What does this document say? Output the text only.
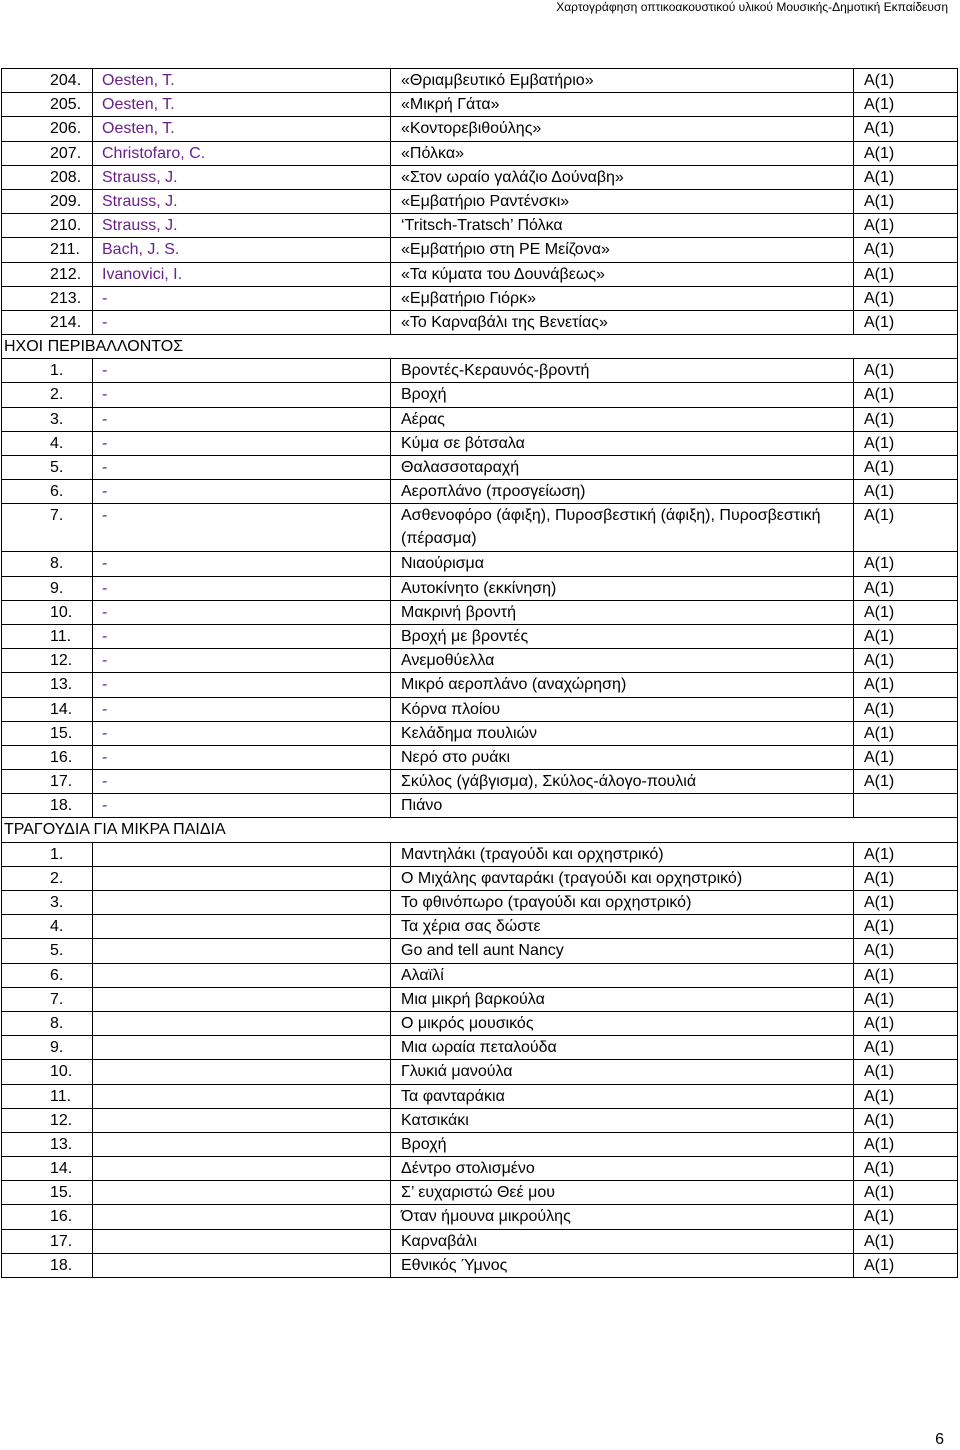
Χαρτογράφηση οπτικοακουστικού υλικού Μουσικής-Δημοτική Εκπαίδευση
204.	Oesten, T.	«Θριαμβευτικό Εμβατήριο»	A(1)
205.	Oesten, T.	«Μικρή Γάτα»	A(1)
206.	Oesten, T.	«Κοντορεβιθούλης»	A(1)
207.	Christofaro, C.	«Πόλκα»	A(1)
208.	Strauss, J.	«Στον ωραίο γαλάζιο Δούναβη»	A(1)
209.	Strauss, J.	«Εμβατήριο Ραντένσκι»	A(1)
210.	Strauss, J.	‘Tritsch-Tratsch’ Πόλκα	A(1)
211.	Bach, J. S.	«Εμβατήριο στη ΡΕ Μείζονα»	A(1)
212.	Ivanovici, I.	«Τα κύματα του Δουνάβεως»	A(1)
213.	-	«Εμβατήριο Γιόρκ»	A(1)
214.	-	«Το Καρναβάλι της Βενετίας»	A(1)
ΗΧΟΙ ΠΕΡΙΒΑΛΛΟΝΤΟΣ			
1.	-	Βροντές-Κεραυνός-βροντή	A(1)
2.	-	Βροχή	A(1)
3.	-	Αέρας	A(1)
4.	-	Κύμα σε βότσαλα	A(1)
5.	-	Θαλασσοταραχή	A(1)
6.	-	Αεροπλάνο (προσγείωση)	A(1)
7.	-	Ασθενοφόρο (άφιξη), Πυροσβεστική (άφιξη), Πυροσβεστική (πέρασμα)	A(1)
8.	-	Νιαούρισμα	A(1)
9.	-	Αυτοκίνητο (εκκίνηση)	A(1)
10.	-	Μακρινή βροντή	A(1)
11.	-	Βροχή με βροντές	A(1)
12.	-	Ανεμοθύελλα	A(1)
13.	-	Μικρό αεροπλάνο (αναχώρηση)	A(1)
14.	-	Κόρνα πλοίου	A(1)
15.	-	Κελάδημα πουλιών	A(1)
16.	-	Νερό στο ρυάκι	A(1)
17.	-	Σκύλος (γάβγισμα), Σκύλος-άλογο-πουλιά	A(1)
18.	-	Πιάνο	
ΤΡΑΓΟΥΔΙΑ ΓΙΑ ΜΙΚΡΑ ΠΑΙΔΙΑ			
1.		Μαντηλάκι (τραγούδι και ορχηστρικό)	A(1)
2.		Ο Μιχάλης φανταράκι (τραγούδι και ορχηστρικό)	A(1)
3.		Το φθινόπωρο (τραγούδι και ορχηστρικό)	A(1)
4.		Τα χέρια σας δώστε	A(1)
5.		Go and tell aunt Nancy	A(1)
6.		Αλαϊλί	A(1)
7.		Μια μικρή βαρκούλα	A(1)
8.		Ο μικρός μουσικός	A(1)
9.		Μια ωραία πεταλούδα	A(1)
10.		Γλυκιά μανούλα	A(1)
11.		Τα φανταράκια	A(1)
12.		Κατσικάκι	A(1)
13.		Βροχή	A(1)
14.		Δέντρο στολισμένο	A(1)
15.		Σ’ ευχαριστώ Θεέ μου	A(1)
16.		Όταν ήμουνα μικρούλης	A(1)
17.		Καρναβάλι	A(1)
18.		Εθνικός Ύμνος	A(1)
6
